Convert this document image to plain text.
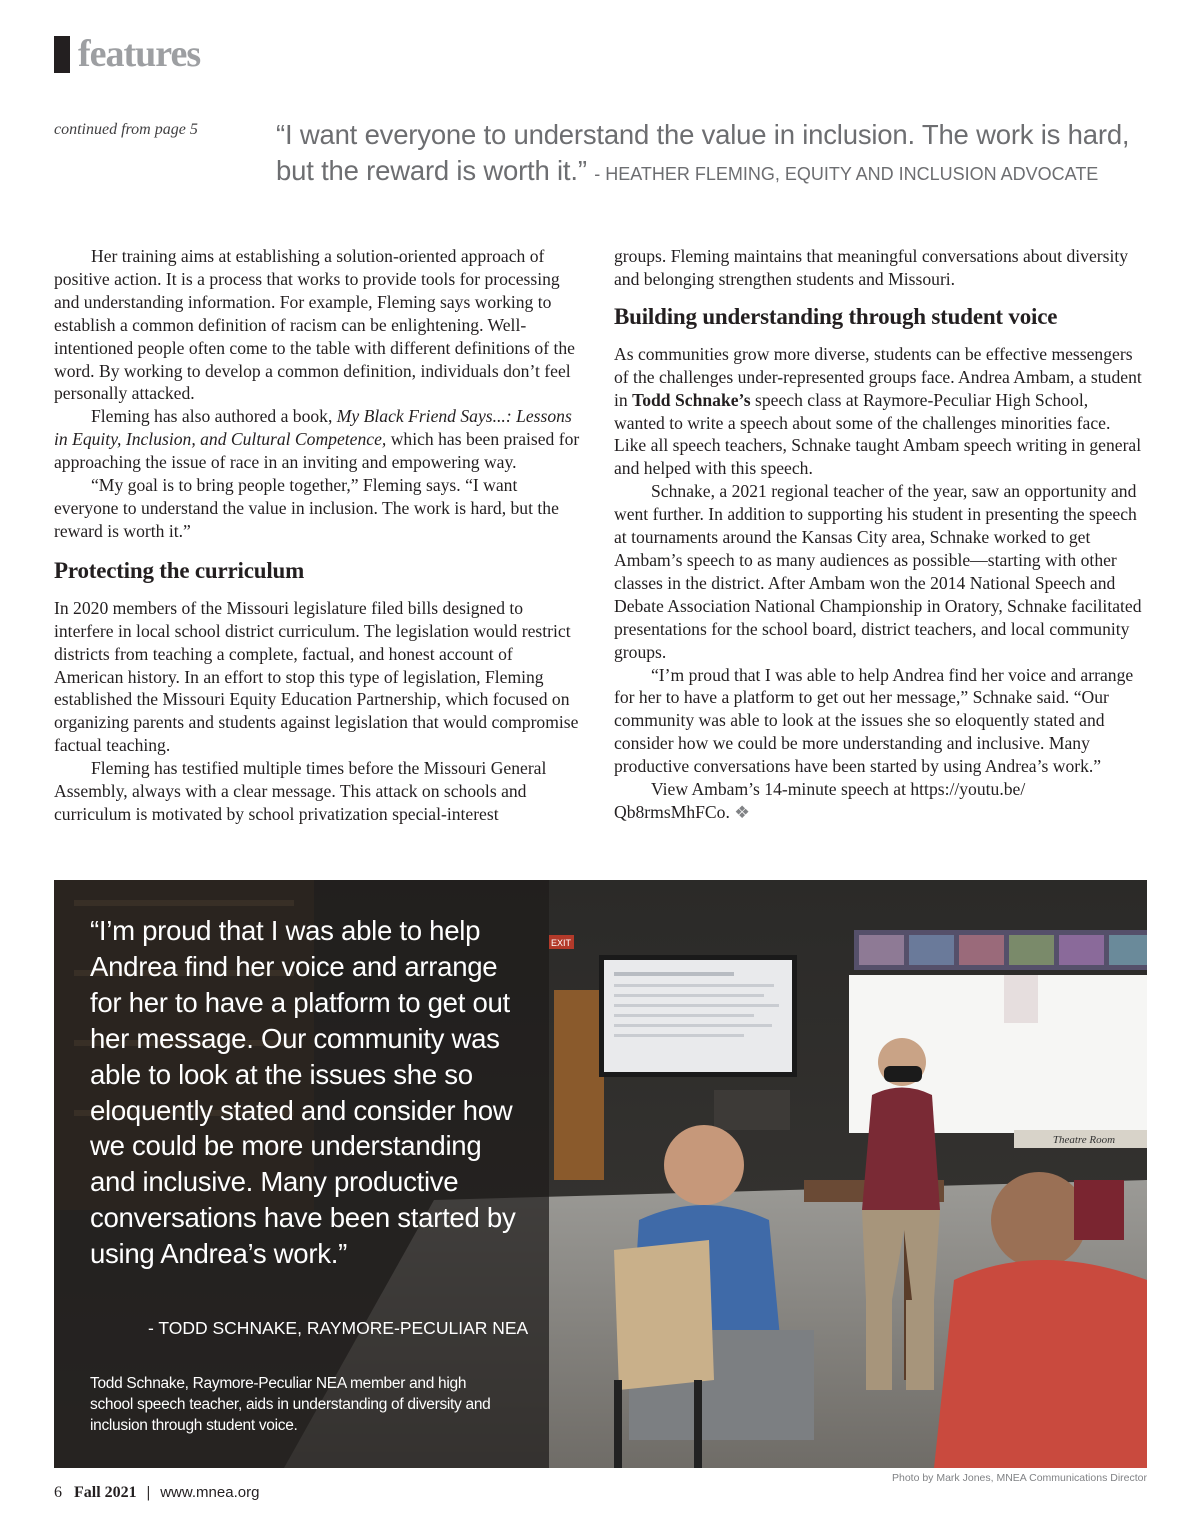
features
continued from page 5	“I want everyone to understand the value in inclusion. The work is hard, but the reward is worth it.” - HEATHER FLEMING, EQUITY AND INCLUSION ADVOCATE

Her training aims at establishing a solution-oriented approach of positive action. It is a process that works to provide tools for processing and understanding information. For example, Fleming says working to establish a common definition of racism can be enlightening. Well-intentioned people often come to the table with different definitions of the word. By working to develop a common definition, individuals don’t feel personally attacked.

Fleming has also authored a book, My Black Friend Says...: Lessons in Equity, Inclusion, and Cultural Competence, which has been praised for approaching the issue of race in an inviting and empowering way.

“My goal is to bring people together,” Fleming says. “I want everyone to understand the value in inclusion. The work is hard, but the reward is worth it.”

Protecting the curriculum

In 2020 members of the Missouri legislature filed bills designed to interfere in local school district curriculum. The legislation would restrict districts from teaching a complete, factual, and honest account of American history. In an effort to stop this type of legislation, Fleming established the Missouri Equity Education Partnership, which focused on organizing parents and students against legislation that would compromise factual teaching.

Fleming has testified multiple times before the Missouri General Assembly, always with a clear message. This attack on schools and curriculum is motivated by school privatization special-interest

groups. Fleming maintains that meaningful conversations about diversity and belonging strengthen students and Missouri.

Building understanding through student voice

As communities grow more diverse, students can be effective messengers of the challenges under-represented groups face. Andrea Ambam, a student in Todd Schnake’s speech class at Raymore-Peculiar High School, wanted to write a speech about some of the challenges minorities face. Like all speech teachers, Schnake taught Ambam speech writing in general and helped with this speech.

Schnake, a 2021 regional teacher of the year, saw an opportunity and went further. In addition to supporting his student in presenting the speech at tournaments around the Kansas City area, Schnake worked to get Ambam’s speech to as many audiences as possible—starting with other classes in the district. After Ambam won the 2014 National Speech and Debate Association National Championship in Oratory, Schnake facilitated presentations for the school board, district teachers, and local community groups.

“I’m proud that I was able to help Andrea find her voice and arrange for her to have a platform to get out her message,” Schnake said. “Our community was able to look at the issues she so eloquently stated and consider how we could be more understanding and inclusive. Many productive conversations have been started by using Andrea’s work.”

View Ambam’s 14-minute speech at https://youtu.be/ Qb8rmsMhFCo. ❖

EXIT
Theatre Room
“I’m proud that I was able to help Andrea find her voice and arrange for her to have a platform to get out her message. Our community was able to look at the issues she so eloquently stated and consider how we could be more understanding and inclusive. Many productive conversations have been started by using Andrea’s work.”
- TODD SCHNAKE, RAYMORE-PECULIAR NEA
Todd Schnake, Raymore-Peculiar NEA member and high school speech teacher, aids in understanding of diversity and inclusion through student voice.
Photo by Mark Jones, MNEA Communications Director
6 Fall 2021 | www.mnea.org
